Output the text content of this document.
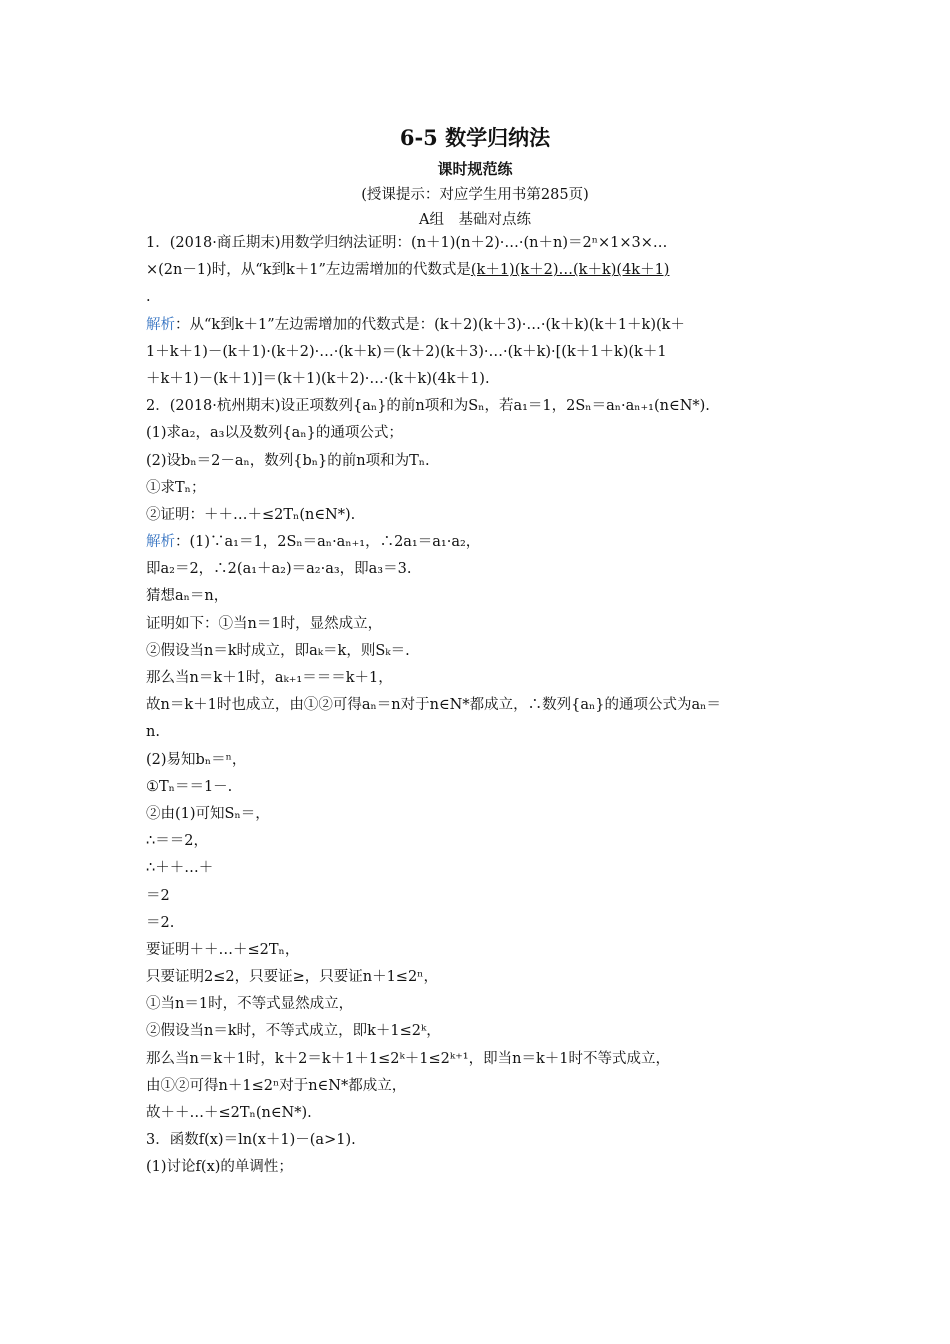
6-5 数学归纳法
课时规范练
(授课提示：对应学生用书第285页)
A组　基础对点练
1．(2018·商丘期末)用数学归纳法证明：(n＋1)(n＋2)·…·(n＋n)＝2ⁿ×1×3×…
×(2n－1)时，从“k到k＋1”左边需增加的代数式是(k＋1)(k＋2)…(k＋k)(4k＋1)
.
解析：从“k到k＋1”左边需增加的代数式是：(k＋2)(k＋3)·…·(k＋k)(k＋1＋k)(k＋
1＋k＋1)－(k＋1)·(k＋2)·…·(k＋k)＝(k＋2)(k＋3)·…·(k＋k)·[(k＋1＋k)(k＋1
＋k＋1)－(k＋1)]＝(k＋1)(k＋2)·…·(k＋k)(4k＋1).
2．(2018·杭州期末)设正项数列{aₙ}的前n项和为Sₙ，若a₁＝1，2Sₙ＝aₙ·aₙ₊₁(n∈N*).
(1)求a₂，a₃以及数列{aₙ}的通项公式；
(2)设bₙ＝2－aₙ，数列{bₙ}的前n项和为Tₙ.
①求Tₙ；
②证明：＋＋…＋≤2Tₙ(n∈N*).
解析：(1)∵a₁＝1，2Sₙ＝aₙ·aₙ₊₁，∴2a₁＝a₁·a₂，
即a₂＝2，∴2(a₁＋a₂)＝a₂·a₃，即a₃＝3.
猜想aₙ＝n，
证明如下：①当n＝1时，显然成立，
②假设当n＝k时成立，即aₖ＝k，则Sₖ＝.
那么当n＝k＋1时，aₖ₊₁＝＝＝k＋1，
故n＝k＋1时也成立，由①②可得aₙ＝n对于n∈N*都成立，∴数列{aₙ}的通项公式为aₙ＝
n.
(2)易知bₙ＝ⁿ，
①Tₙ＝＝1－.
②由(1)可知Sₙ＝，
∴＝＝2，
∴＋＋…＋
＝2
＝2.
要证明＋＋…＋≤2Tₙ，
只要证明2≤2，只要证≥，只要证n＋1≤2ⁿ，
①当n＝1时，不等式显然成立，
②假设当n＝k时，不等式成立，即k＋1≤2ᵏ，
那么当n＝k＋1时，k＋2＝k＋1＋1≤2ᵏ＋1≤2ᵏ⁺¹，即当n＝k＋1时不等式成立，
由①②可得n＋1≤2ⁿ对于n∈N*都成立，
故＋＋…＋≤2Tₙ(n∈N*).
3．函数f(x)＝ln(x＋1)－(a>1).
(1)讨论f(x)的单调性；
